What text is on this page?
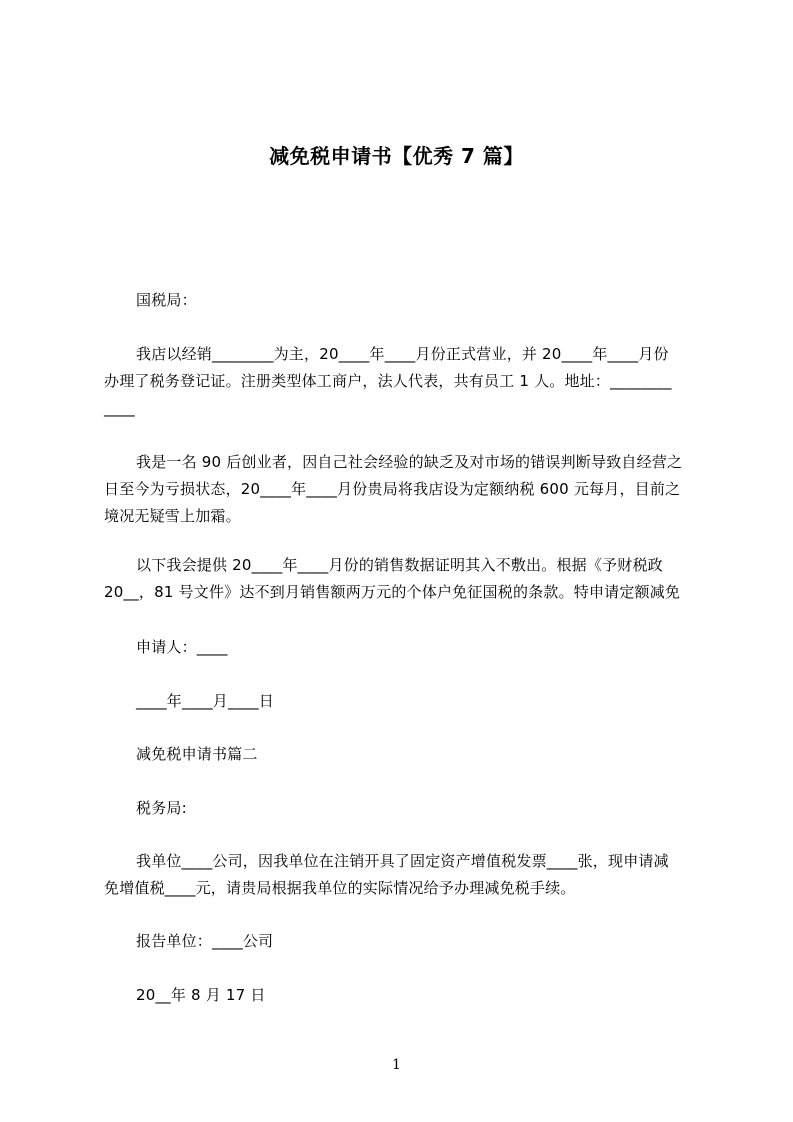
减免税申请书【优秀 7 篇】
国税局：
我店以经销________为主，20____年____月份正式营业，并 20____年____月份
办理了税务登记证。注册类型体工商户，法人代表，共有员工 1 人。地址：________
____
我是一名 90 后创业者，因自己社会经验的缺乏及对市场的错误判断导致自经营之
日至今为亏损状态，20____年____月份贵局将我店设为定额纳税 600 元每月，目前之
境况无疑雪上加霜。
以下我会提供 20____年____月份的销售数据证明其入不敷出。根据《予财税政
20__，81 号文件》达不到月销售额两万元的个体户免征国税的条款。特申请定额减免
申请人：____
____年____月____日
减免税申请书篇二
税务局:
我单位____公司，因我单位在注销开具了固定资产增值税发票____张，现申请减
免增值税____元，请贵局根据我单位的实际情况给予办理减免税手续。
报告单位：____公司
20__年 8 月 17 日
1
